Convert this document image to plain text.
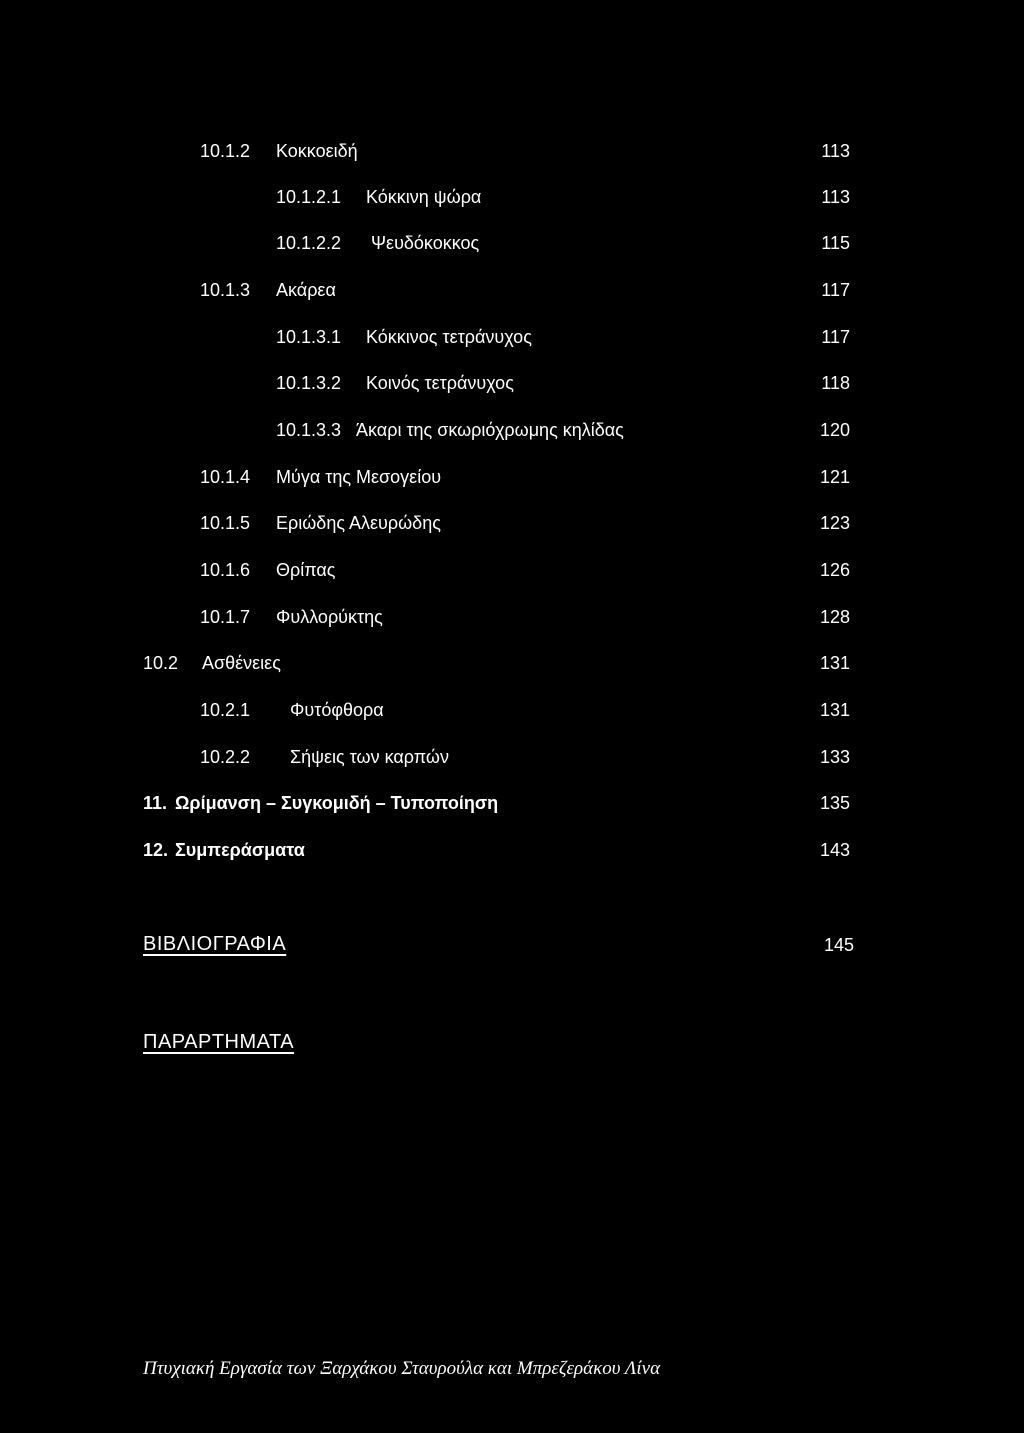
10.1.2 Κοκκοειδή	113
10.1.2.1 Κόκκινη ψώρα	113
10.1.2.2 Ψευδόκοκκος	115
10.1.3 Ακάρεα	117
10.1.3.1 Κόκκινος τετράνυχος	117
10.1.3.2 Κοινός τετράνυχος	118
10.1.3.3 Άκαρι της σκωριόχρωμης κηλίδας	120
10.1.4 Μύγα της Μεσογείου	121
10.1.5 Εριώδης Αλευρώδης	123
10.1.6 Θρίπας	126
10.1.7 Φυλλορύκτης	128
10.2 Ασθένειες	131
10.2.1 Φυτόφθορα	131
10.2.2 Σήψεις των καρπών	133
11. Ωρίμανση – Συγκομιδή – Τυποποίηση	135
12. Συμπεράσματα	143
ΒΙΒΛΙΟΓΡΑΦΙΑ	145
ΠΑΡΑΡΤΗΜΑΤΑ
Πτυχιακή Εργασία των Ξαρχάκου Σταυρούλα και Μπρεζεράκου Λίνα
